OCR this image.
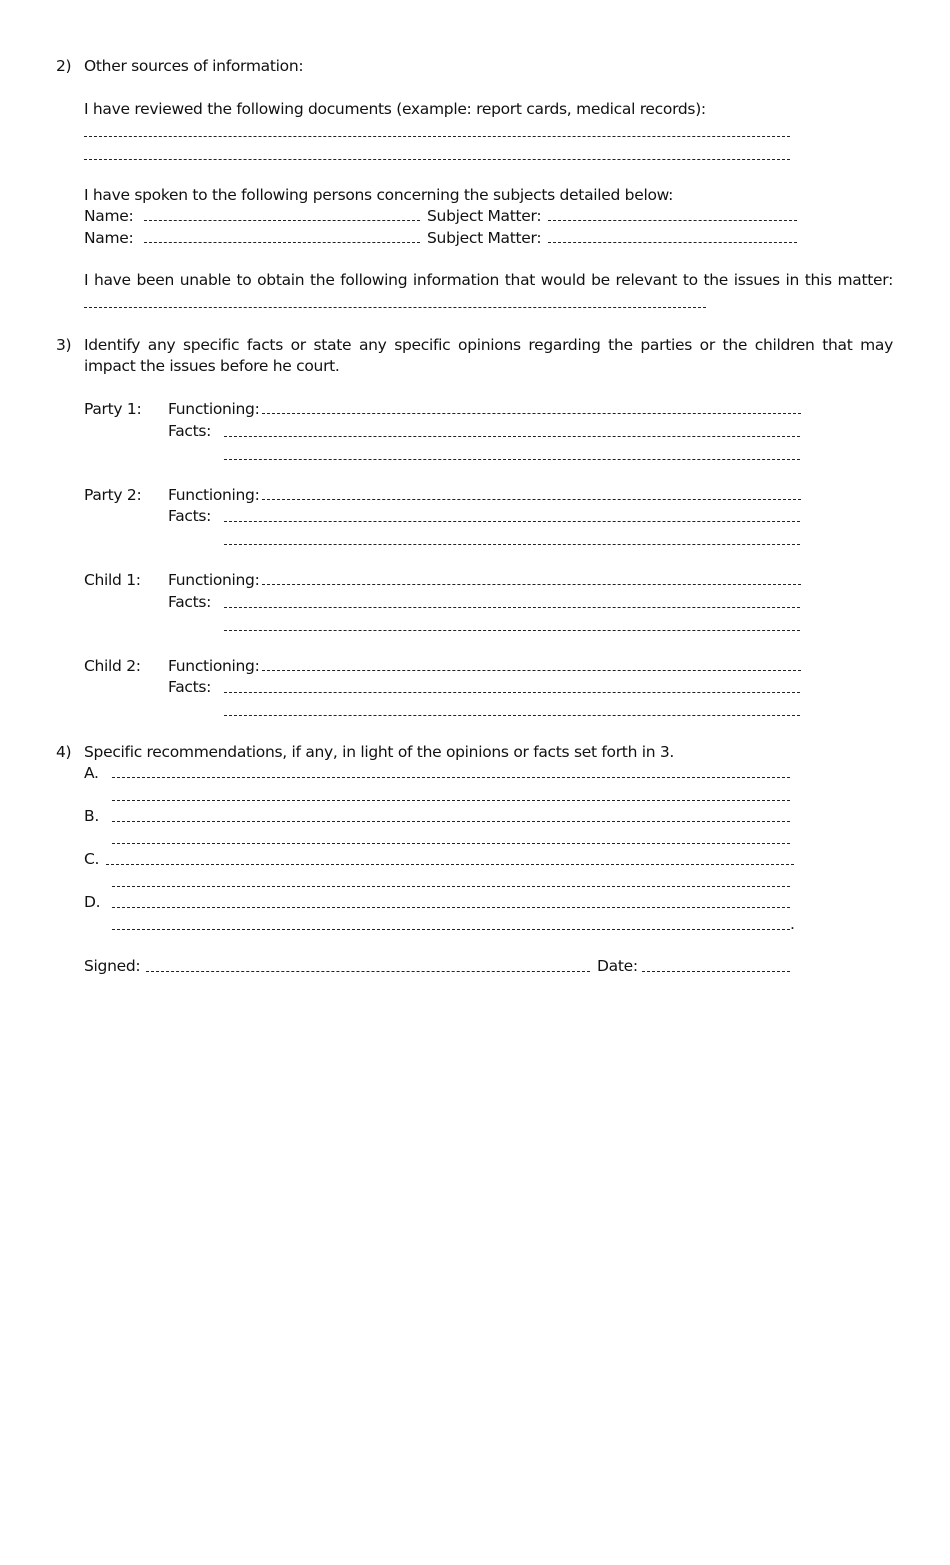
2) Other sources of information:
I have reviewed the following documents (example: report cards, medical records):
I have spoken to the following persons concerning the subjects detailed below:
Name:	Subject Matter:
Name:	Subject Matter:
I have been unable to obtain the following information that would be relevant to the issues in this matter:
3) Identify any specific facts or state any specific opinions regarding the parties or the children that may
impact the issues before he court.
Party 1: Functioning:
Facts:
Party 2: Functioning:
Facts:
Child 1: Functioning:
Facts:
Child 2: Functioning:
Facts:
4) Specific recommendations, if any, in light of the opinions or facts set forth in 3.
A.
B.
C.
D.
.
Signed:	Date:
